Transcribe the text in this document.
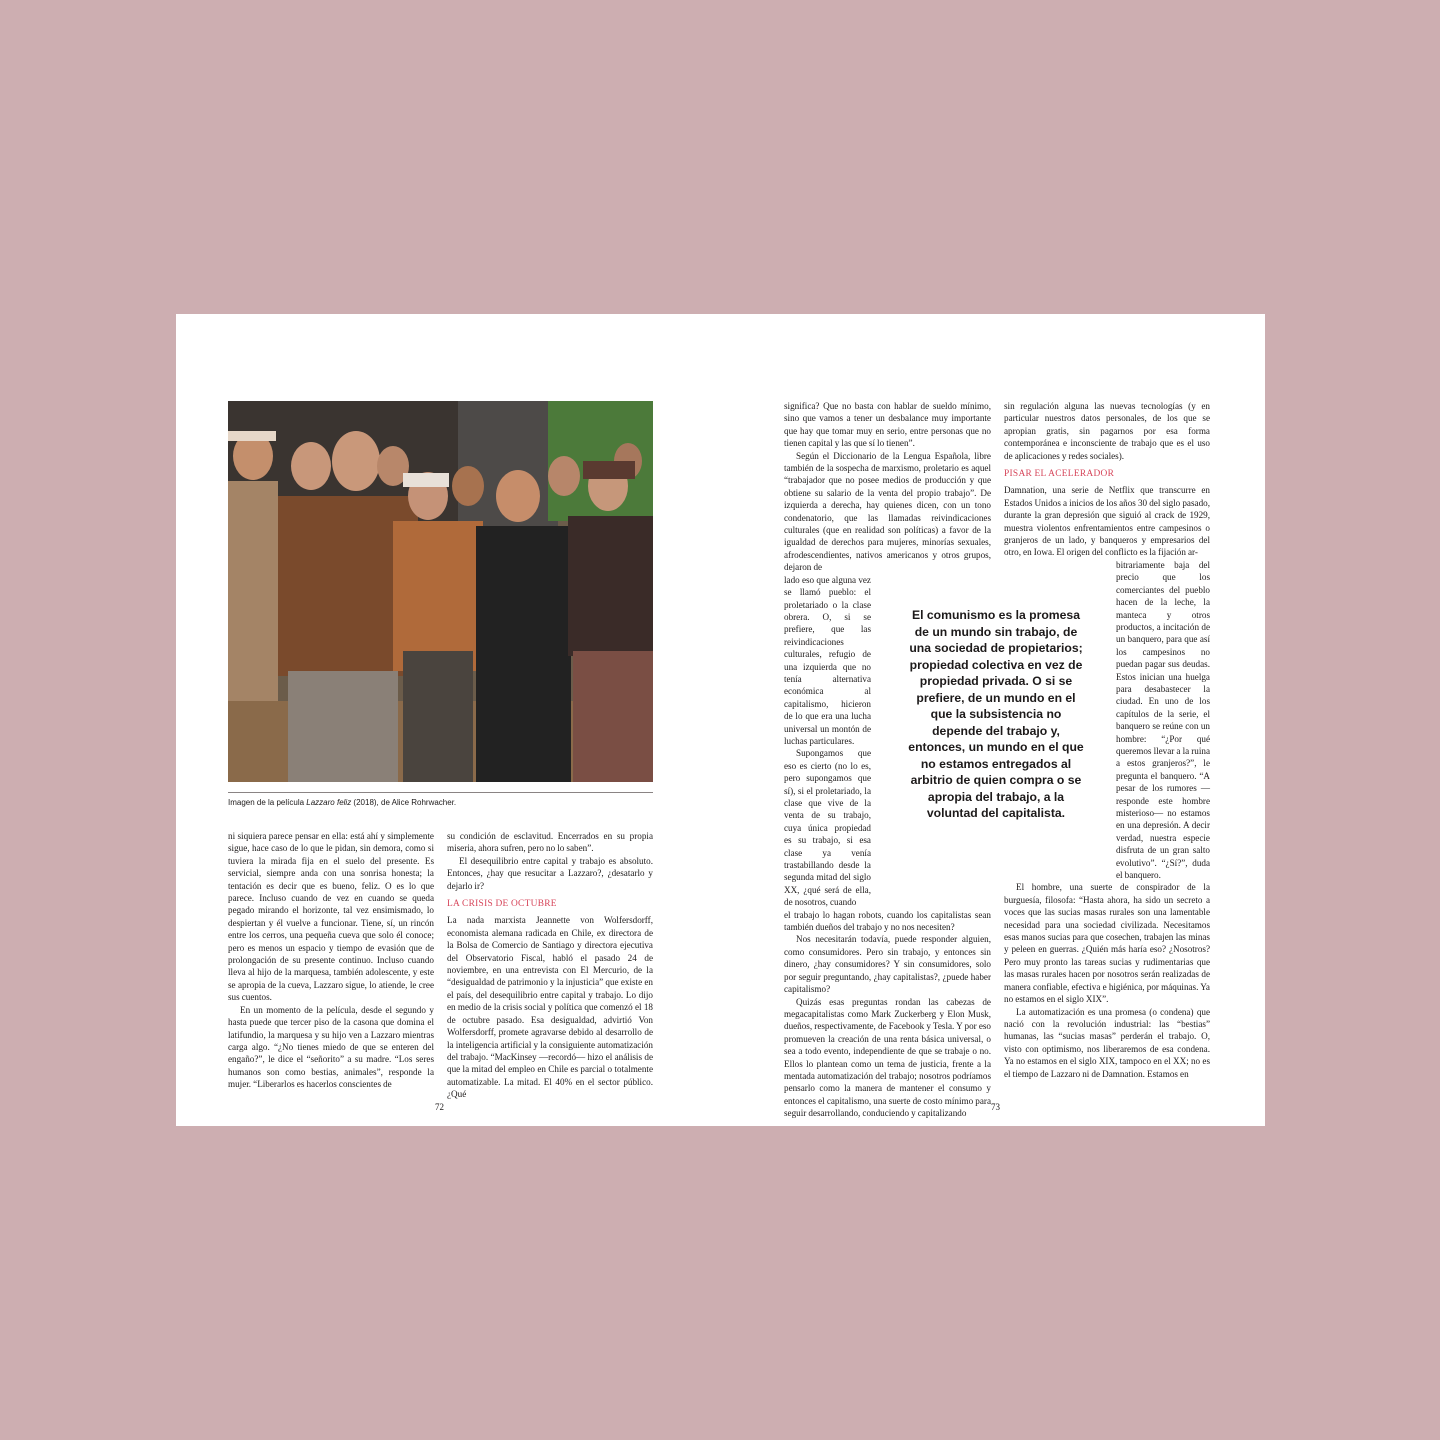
Imagen de la película Lazzaro feliz (2018), de Alice Rohrwacher.

ni siquiera parece pensar en ella: está ahí y simplemente sigue, hace caso de lo que le pidan, sin demora, como si tuviera la mirada fija en el suelo del presente. Es servicial, siempre anda con una sonrisa honesta; la tentación es decir que es bueno, feliz. O es lo que parece. Incluso cuando de vez en cuando se queda pegado mirando el horizonte, tal vez ensimismado, lo despiertan y él vuelve a funcionar. Tiene, sí, un rincón entre los cerros, una pequeña cueva que solo él conoce; pero es menos un espacio y tiempo de evasión que de prolongación de su presente continuo. Incluso cuando lleva al hijo de la marquesa, también adolescente, y este se apropia de la cueva, Lazzaro sigue, lo atiende, le cree sus cuentos.

En un momento de la película, desde el segundo y hasta puede que tercer piso de la casona que domina el latifundio, la marquesa y su hijo ven a Lazzaro mientras carga algo. “¿No tienes miedo de que se enteren del engaño?”, le dice el “señorito” a su madre. “Los seres humanos son como bestias, animales”, responde la mujer. “Liberarlos es hacerlos conscientes de

su condición de esclavitud. Encerrados en su propia miseria, ahora sufren, pero no lo saben”.

El desequilibrio entre capital y trabajo es absoluto. Entonces, ¿hay que resucitar a Lazzaro?, ¿desatarlo y dejarlo ir?

LA CRISIS DE OCTUBRE

La nada marxista Jeannette von Wolfersdorff, economista alemana radicada en Chile, ex directora de la Bolsa de Comercio de Santiago y directora ejecutiva del Observatorio Fiscal, habló el pasado 24 de noviembre, en una entrevista con El Mercurio, de la “desigualdad de patrimonio y la injusticia” que existe en el país, del desequilibrio entre capital y trabajo. Lo dijo en medio de la crisis social y política que comenzó el 18 de octubre pasado. Esa desigualdad, advirtió Von Wolfersdorff, promete agravarse debido al desarrollo de la inteligencia artificial y la consiguiente automatización del trabajo. “MacKinsey —recordó— hizo el análisis de que la mitad del empleo en Chile es parcial o totalmente automatizable. La mitad. El 40% en el sector público. ¿Qué

72

significa? Que no basta con hablar de sueldo mínimo, sino que vamos a tener un desbalance muy importante que hay que tomar muy en serio, entre personas que no tienen capital y las que sí lo tienen”.

Según el Diccionario de la Lengua Española, libre también de la sospecha de marxismo, proletario es aquel “trabajador que no posee medios de producción y que obtiene su salario de la venta del propio trabajo”. De izquierda a derecha, hay quienes dicen, con un tono condenatorio, que las llamadas reivindicaciones culturales (que en realidad son políticas) a favor de la igualdad de derechos para mujeres, minorías sexuales, afrodescendientes, nativos americanos y otros grupos, dejaron de

lado eso que alguna vez se llamó pueblo: el proletariado o la clase obrera. O, si se prefiere, que las reivindicaciones culturales, refugio de una izquierda que no tenía alternativa económica al capitalismo, hicieron de lo que era una lucha universal un montón de luchas particulares.

Supongamos que eso es cierto (no lo es, pero supongamos que sí), si el proletariado, la clase que vive de la venta de su trabajo, cuya única propiedad es su trabajo, si esa clase ya venía trastabillando desde la segunda mitad del siglo XX, ¿qué será de ella, de nosotros, cuando

el trabajo lo hagan robots, cuando los capitalistas sean también dueños del trabajo y no nos necesiten?

Nos necesitarán todavía, puede responder alguien, como consumidores. Pero sin trabajo, y entonces sin dinero, ¿hay consumidores? Y sin consumidores, solo por seguir preguntando, ¿hay capitalistas?, ¿puede haber capitalismo?

Quizás esas preguntas rondan las cabezas de megacapitalistas como Mark Zuckerberg y Elon Musk, dueños, respectivamente, de Facebook y Tesla. Y por eso promueven la creación de una renta básica universal, o sea a todo evento, independiente de que se trabaje o no. Ellos lo plantean como un tema de justicia, frente a la mentada automatización del trabajo; nosotros podríamos pensarlo como la manera de mantener el consumo y entonces el capitalismo, una suerte de costo mínimo para seguir desarrollando, conduciendo y capitalizando

El comunismo es la promesa de un mundo sin trabajo, de una sociedad de propietarios; propiedad colectiva en vez de propiedad privada. O si se prefiere, de un mundo en el que la subsistencia no depende del trabajo y, entonces, un mundo en el que no estamos entregados al arbitrio de quien compra o se apropia del trabajo, a la voluntad del capitalista.

sin regulación alguna las nuevas tecnologías (y en particular nuestros datos personales, de los que se apropian gratis, sin pagarnos por esa forma contemporánea e inconsciente de trabajo que es el uso de aplicaciones y redes sociales).

PISAR EL ACELERADOR

Damnation, una serie de Netflix que transcurre en Estados Unidos a inicios de los años 30 del siglo pasado, durante la gran depresión que siguió al crack de 1929, muestra violentos enfrentamientos entre campesinos o granjeros de un lado, y banqueros y empresarios del otro, en Iowa. El origen del conflicto es la fijación ar-

bitrariamente baja del precio que los comerciantes del pueblo hacen de la leche, la manteca y otros productos, a incitación de un banquero, para que así los campesinos no puedan pagar sus deudas. Estos inician una huelga para desabastecer la ciudad. En uno de los capítulos de la serie, el banquero se reúne con un hombre: “¿Por qué queremos llevar a la ruina a estos granjeros?”, le pregunta el banquero. “A pesar de los rumores —responde este hombre misterioso— no estamos en una depresión. A decir verdad, nuestra especie disfruta de un gran salto evolutivo”. “¿Sí?”, duda el banquero.

El hombre, una suerte de conspirador de la burguesía, filosofa: “Hasta ahora, ha sido un secreto a voces que las sucias masas rurales son una lamentable necesidad para una sociedad civilizada. Necesitamos esas manos sucias para que cosechen, trabajen las minas y peleen en guerras. ¿Quién más haría eso? ¿Nosotros? Pero muy pronto las tareas sucias y rudimentarias que las masas rurales hacen por nosotros serán realizadas de manera confiable, efectiva e higiénica, por máquinas. Ya no estamos en el siglo XIX”.

La automatización es una promesa (o condena) que nació con la revolución industrial: las “bestias” humanas, las “sucias masas” perderán el trabajo. O, visto con optimismo, nos liberaremos de esa condena. Ya no estamos en el siglo XIX, tampoco en el XX; no es el tiempo de Lazzaro ni de Damnation. Estamos en

73
